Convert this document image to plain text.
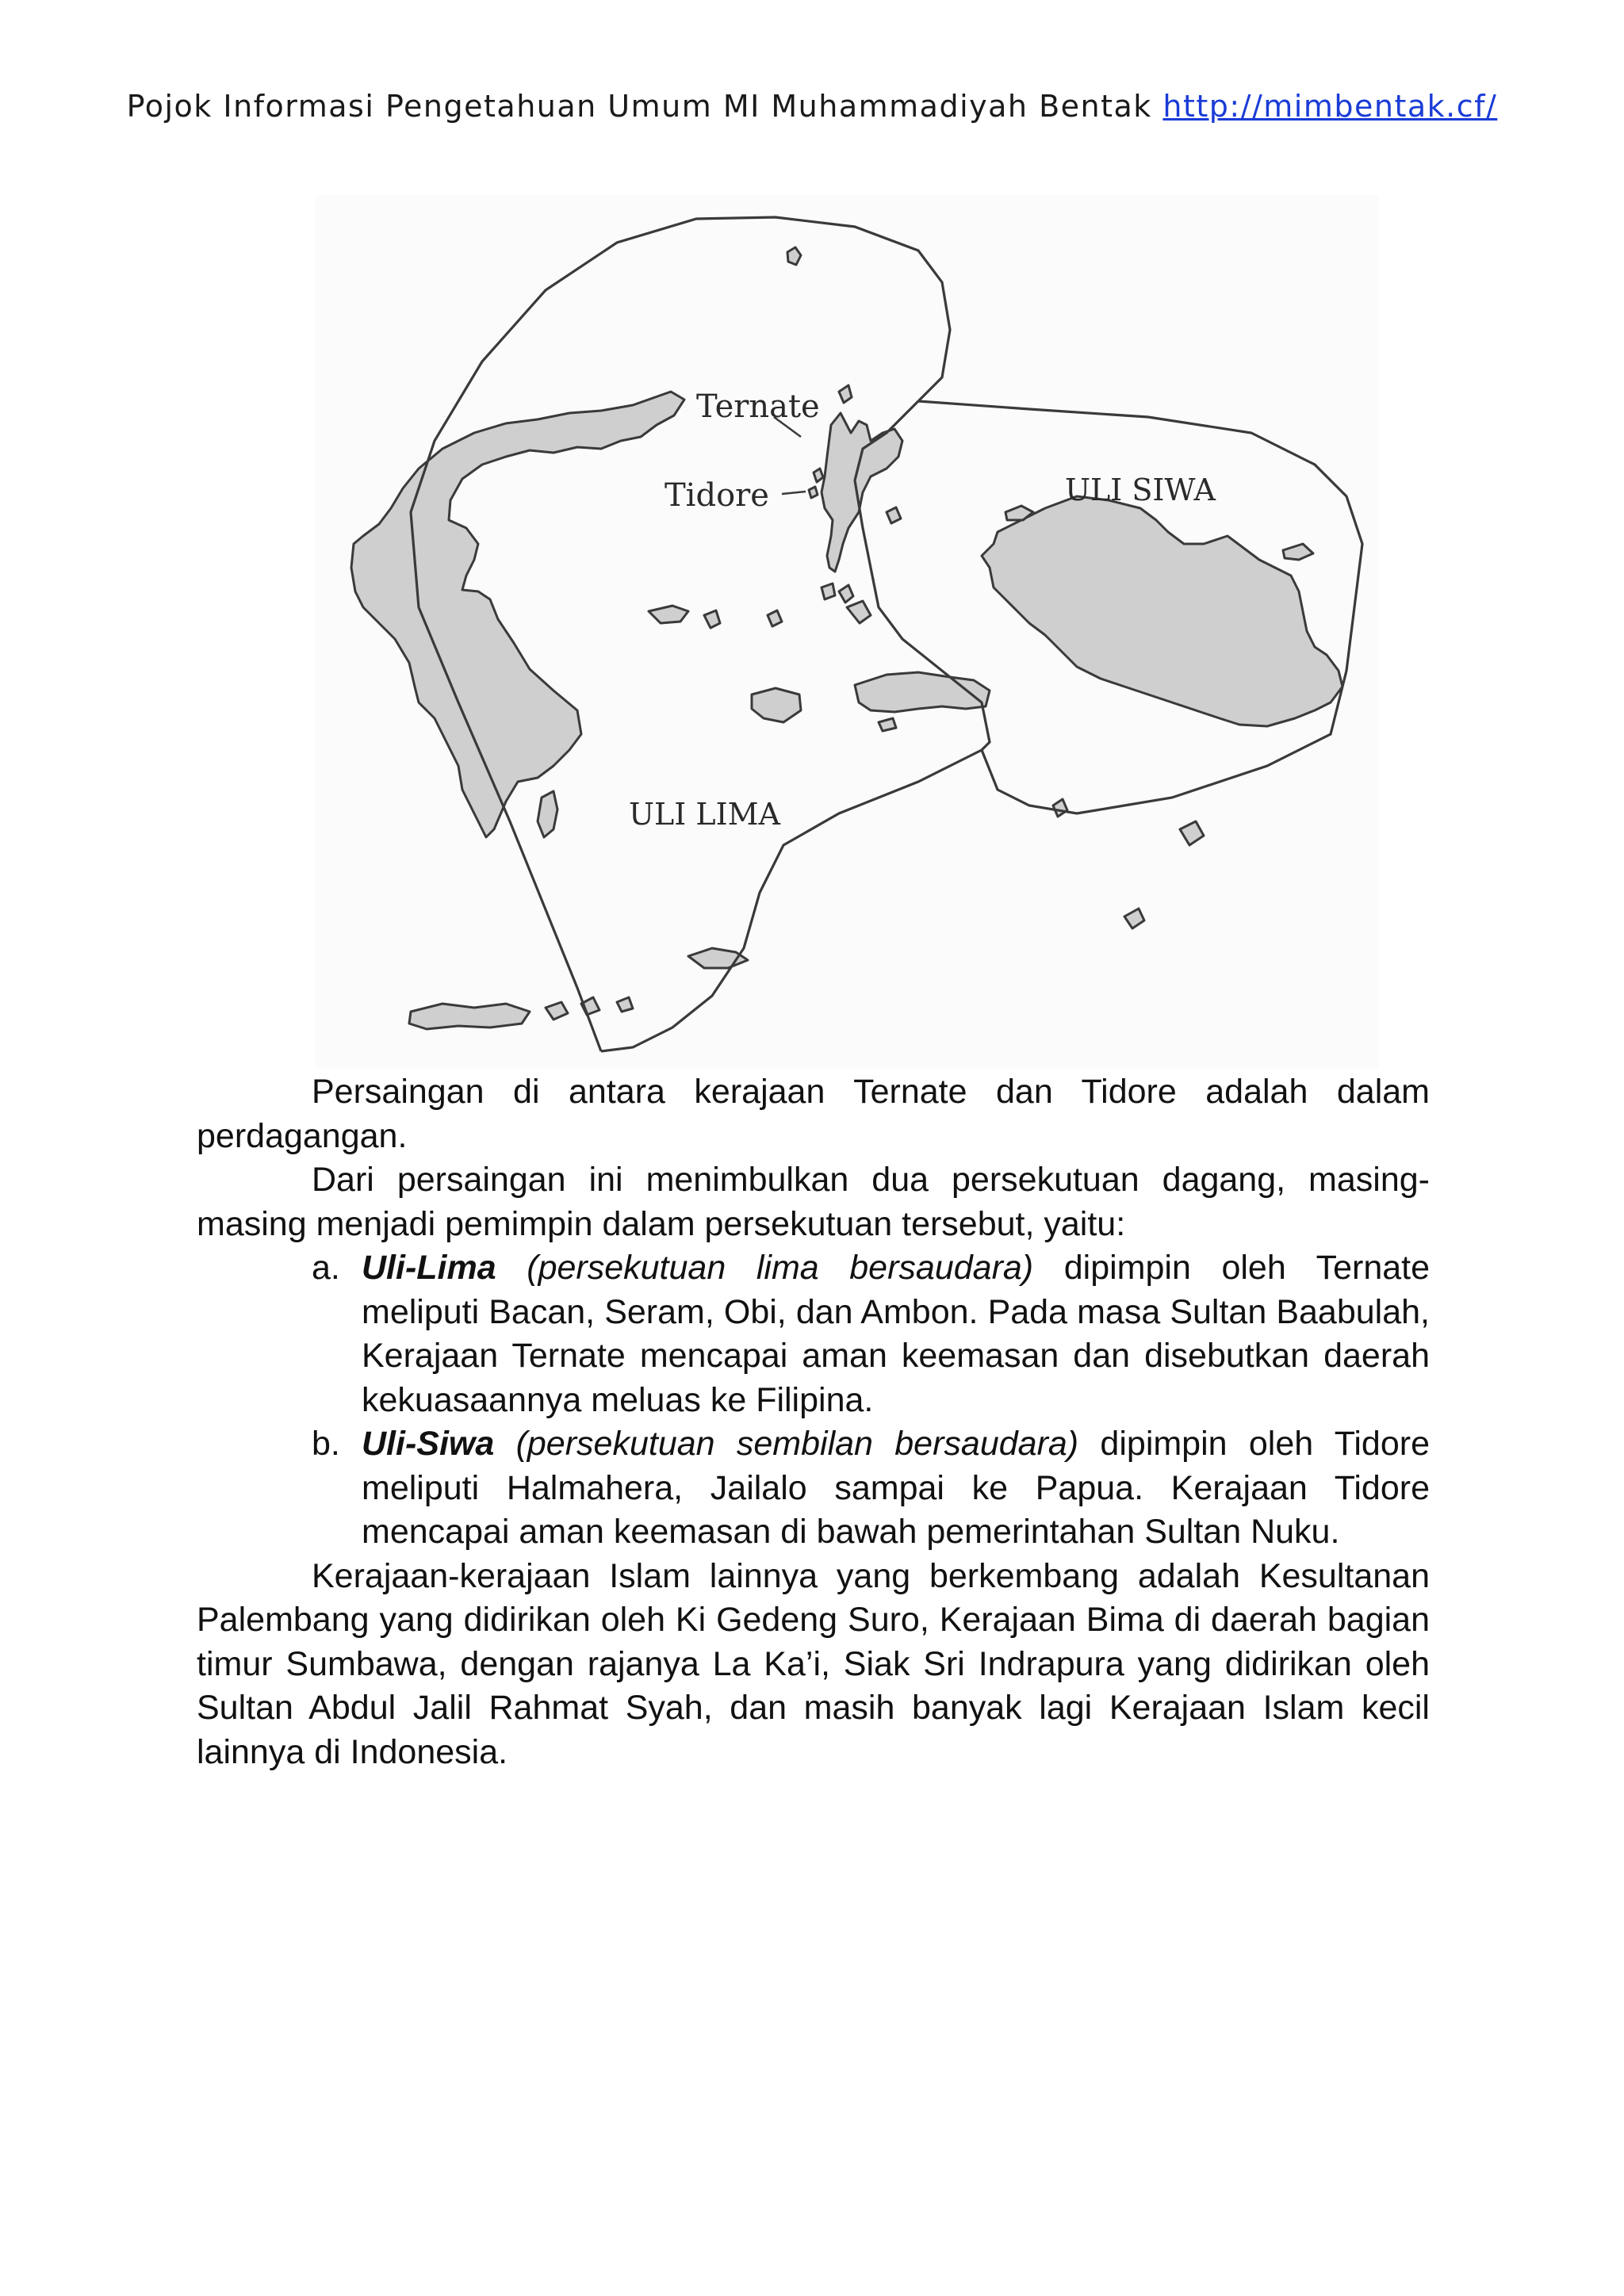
Pojok Informasi Pengetahuan Umum MI Muhammadiyah Bentak http://mimbentak.cf/
Ternate
Tidore	ULI SIWA
ULI LIMA

Persaingan di antara kerajaan Ternate dan Tidore adalah dalam perdagangan.

Dari persaingan ini menimbulkan dua persekutuan dagang, masing-masing menjadi pemimpin dalam persekutuan tersebut, yaitu:

a. Uli-Lima (persekutuan lima bersaudara) dipimpin oleh Ternate meliputi Bacan, Seram, Obi, dan Ambon. Pada masa Sultan Baabulah, Kerajaan Ternate mencapai aman keemasan dan disebutkan daerah kekuasaannya meluas ke Filipina.
b. Uli-Siwa (persekutuan sembilan bersaudara) dipimpin oleh Tidore meliputi Halmahera, Jailalo sampai ke Papua. Kerajaan Tidore mencapai aman keemasan di bawah pemerintahan Sultan Nuku.

Kerajaan-kerajaan Islam lainnya yang berkembang adalah Kesultanan Palembang yang didirikan oleh Ki Gedeng Suro, Kerajaan Bima di daerah bagian timur Sumbawa, dengan rajanya La Ka’i, Siak Sri Indrapura yang didirikan oleh Sultan Abdul Jalil Rahmat Syah, dan masih banyak lagi Kerajaan Islam kecil lainnya di Indonesia.
